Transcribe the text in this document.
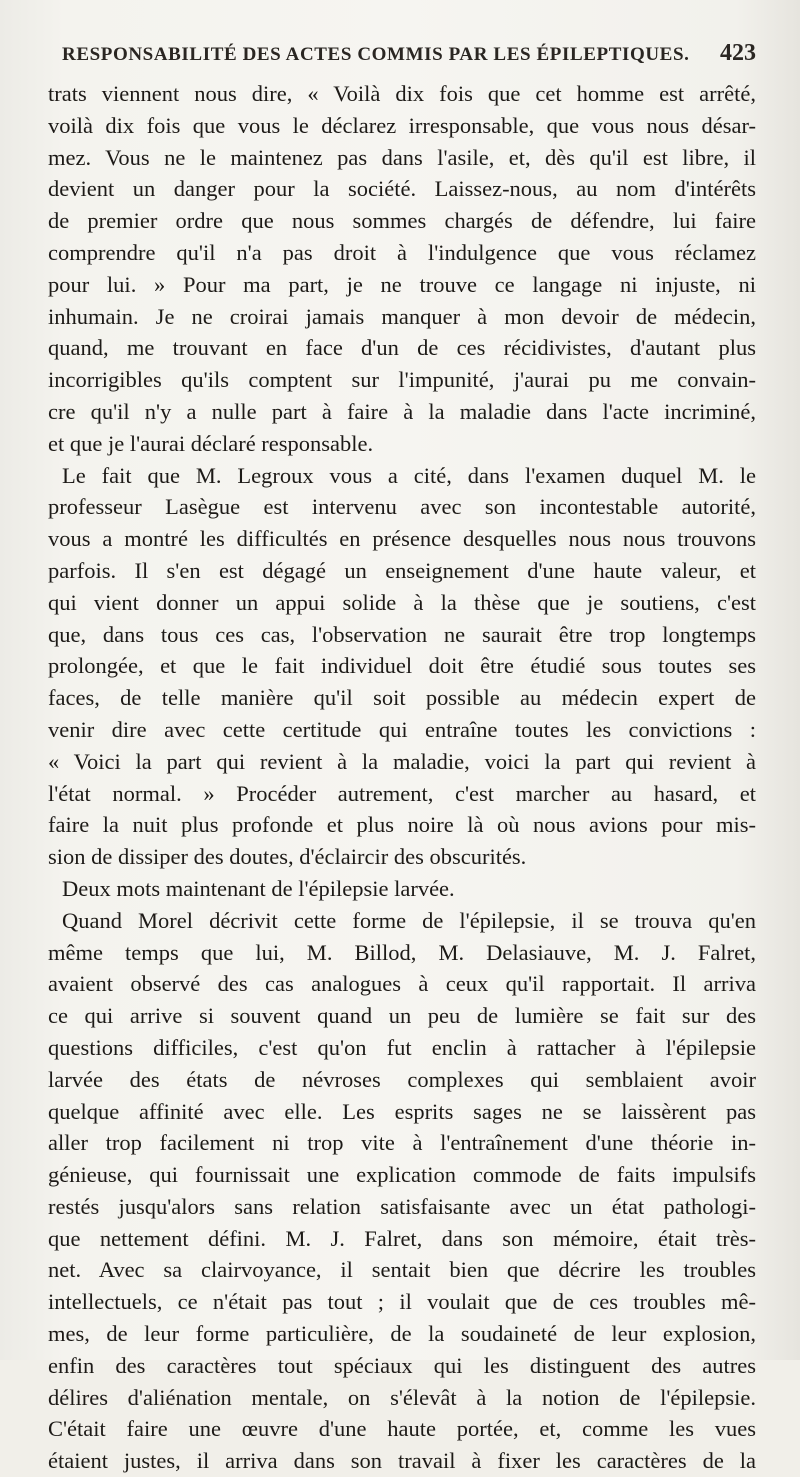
RESPONSABILITÉ DES ACTES COMMIS PAR LES ÉPILEPTIQUES. 423
trats viennent nous dire, « Voilà dix fois que cet homme est arrêté,
voilà dix fois que vous le déclarez irresponsable, que vous nous désar-
mez. Vous ne le maintenez pas dans l'asile, et, dès qu'il est libre, il
devient un danger pour la société. Laissez-nous, au nom d'intérêts
de premier ordre que nous sommes chargés de défendre, lui faire
comprendre qu'il n'a pas droit à l'indulgence que vous réclamez
pour lui. » Pour ma part, je ne trouve ce langage ni injuste, ni
inhumain. Je ne croirai jamais manquer à mon devoir de médecin,
quand, me trouvant en face d'un de ces récidivistes, d'autant plus
incorrigibles qu'ils comptent sur l'impunité, j'aurai pu me convain-
cre qu'il n'y a nulle part à faire à la maladie dans l'acte incriminé,
et que je l'aurai déclaré responsable.
Le fait que M. Legroux vous a cité, dans l'examen duquel M. le
professeur Lasègue est intervenu avec son incontestable autorité,
vous a montré les difficultés en présence desquelles nous nous trouvons
parfois. Il s'en est dégagé un enseignement d'une haute valeur, et
qui vient donner un appui solide à la thèse que je soutiens, c'est
que, dans tous ces cas, l'observation ne saurait être trop longtemps
prolongée, et que le fait individuel doit être étudié sous toutes ses
faces, de telle manière qu'il soit possible au médecin expert de
venir dire avec cette certitude qui entraîne toutes les convictions :
« Voici la part qui revient à la maladie, voici la part qui revient à
l'état normal. » Procéder autrement, c'est marcher au hasard, et
faire la nuit plus profonde et plus noire là où nous avions pour mis-
sion de dissiper des doutes, d'éclaircir des obscurités.
Deux mots maintenant de l'épilepsie larvée.
Quand Morel décrivit cette forme de l'épilepsie, il se trouva qu'en
même temps que lui, M. Billod, M. Delasiauve, M. J. Falret,
avaient observé des cas analogues à ceux qu'il rapportait. Il arriva
ce qui arrive si souvent quand un peu de lumière se fait sur des
questions difficiles, c'est qu'on fut enclin à rattacher à l'épilepsie
larvée des états de névroses complexes qui semblaient avoir
quelque affinité avec elle. Les esprits sages ne se laissèrent pas
aller trop facilement ni trop vite à l'entraînement d'une théorie in-
génieuse, qui fournissait une explication commode de faits impulsifs
restés jusqu'alors sans relation satisfaisante avec un état pathologi-
que nettement défini. M. J. Falret, dans son mémoire, était très-
net. Avec sa clairvoyance, il sentait bien que décrire les troubles
intellectuels, ce n'était pas tout ; il voulait que de ces troubles mê-
mes, de leur forme particulière, de la soudaineté de leur explosion,
enfin des caractères tout spéciaux qui les distinguent des autres
délires d'aliénation mentale, on s'élevât à la notion de l'épilepsie.
C'était faire une œuvre d'une haute portée, et, comme les vues
étaient justes, il arriva dans son travail à fixer les caractères de la
